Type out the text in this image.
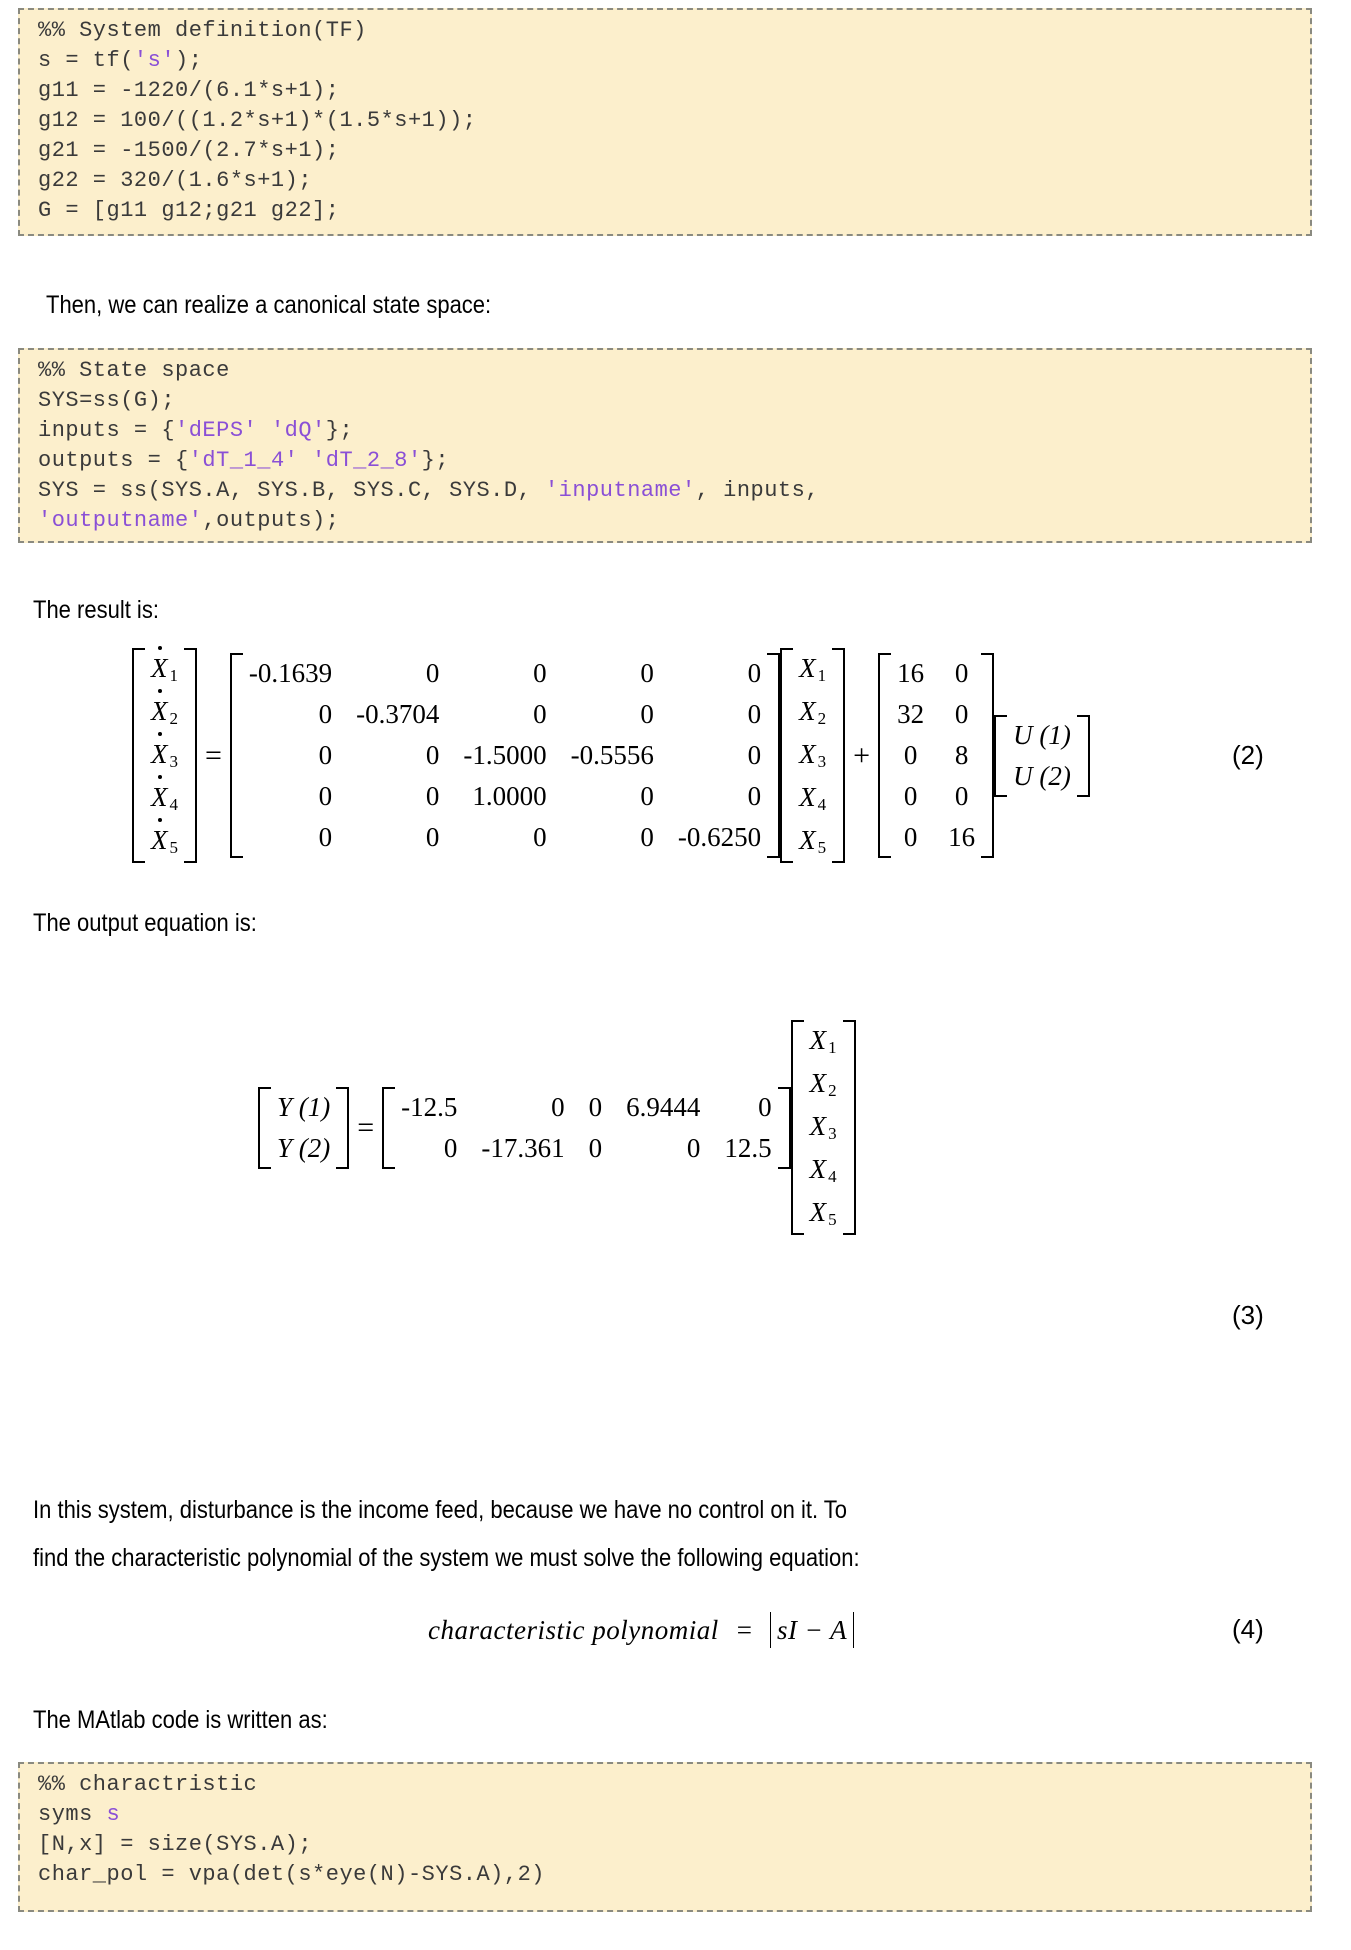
%% System definition(TF)
s = tf('s');
g11 = -1220/(6.1*s+1);
g12 = 100/((1.2*s+1)*(1.5*s+1));
g21 = -1500/(2.7*s+1);
g22 = 320/(1.6*s+1);
G = [g11 g12;g21 g22];
Then, we can realize a canonical state space:
%% State space
SYS=ss(G);
inputs = {'dEPS' 'dQ'};
outputs = {'dT_1_4' 'dT_2_8'};
SYS = ss(SYS.A, SYS.B, SYS.C, SYS.D, 'inputname', inputs,
'outputname',outputs);
The result is:
X $_1$
X $_2$
X $_3$
X $_4$
X $_5$
=
-0.1639	0	0	0	0
0	-0.3704	0	0	0
0	0	-1.5000	-0.5556	0
0	0	1.0000	0	0
0	0	0	0	-0.6250
X $_1$
X $_2$
X $_3$
X $_4$
X $_5$
+
16	0
32	0
0	8
0	0
0	16
U (1)
U (2)
(2)
The output equation is:
Y (1)
Y (2)
=
-12.5	0	0	6.9444	0
0	-17.361	0	0	12.5
X $_1$
X $_2$
X $_3$
X $_4$
X $_5$
(3)
In this system, disturbance is the income feed, because we have no control on it. To
find the characteristic polynomial of the system we must solve the following equation:
characteristic polynomial = sI − A	(4)
The MAtlab code is written as:
%% charactristic
syms s
[N,x] = size(SYS.A);
char_pol = vpa(det(s*eye(N)-SYS.A),2)
